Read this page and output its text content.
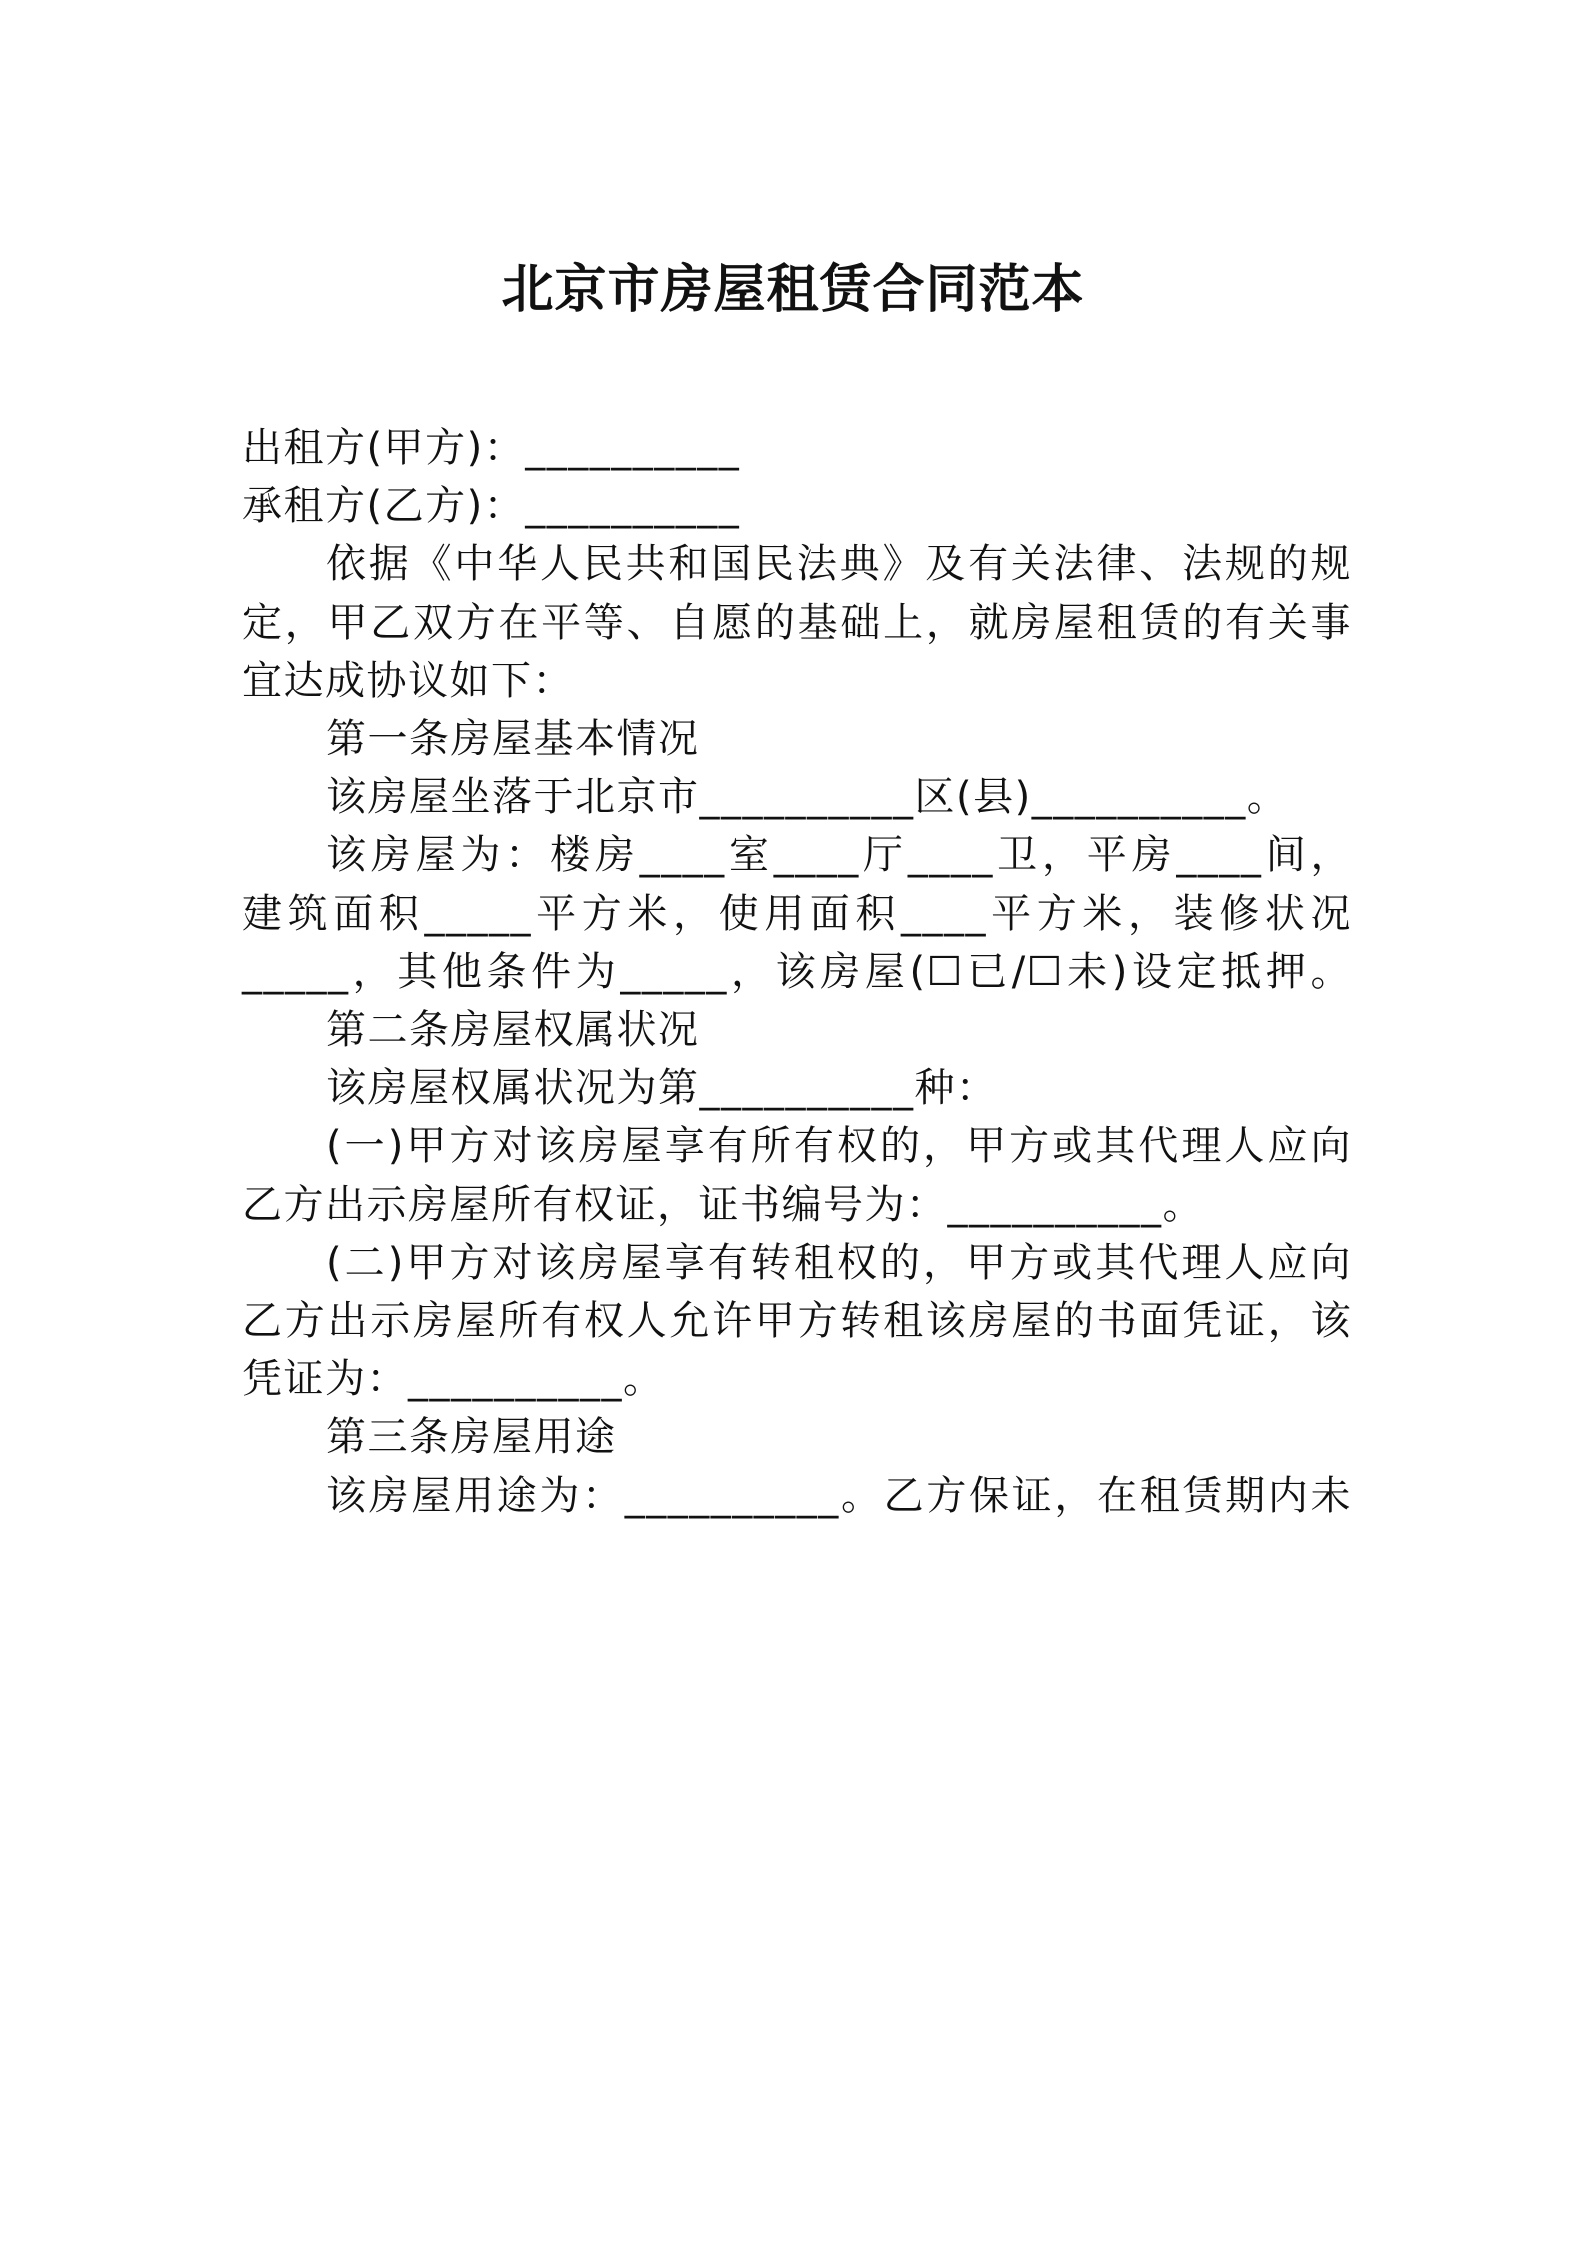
北京市房屋租赁合同范本
出租方(甲方)：__________
承租方(乙方)：__________
依据《中华人民共和国民法典》及有关法律、法规的规
定，甲乙双方在平等、自愿的基础上，就房屋租赁的有关事
宜达成协议如下：
第一条房屋基本情况
该房屋坐落于北京市__________区(县)__________。
该房屋为：楼房____室____厅____卫，平房____间，
建筑面积_____平方米，使用面积____平方米，装修状况
_____，其他条件为_____，该房屋(☐已/☐未)设定抵押。
第二条房屋权属状况
该房屋权属状况为第__________种：
(一)甲方对该房屋享有所有权的，甲方或其代理人应向
乙方出示房屋所有权证，证书编号为：__________。
(二)甲方对该房屋享有转租权的，甲方或其代理人应向
乙方出示房屋所有权人允许甲方转租该房屋的书面凭证，该
凭证为：__________。
第三条房屋用途
该房屋用途为：__________。乙方保证，在租赁期内未
